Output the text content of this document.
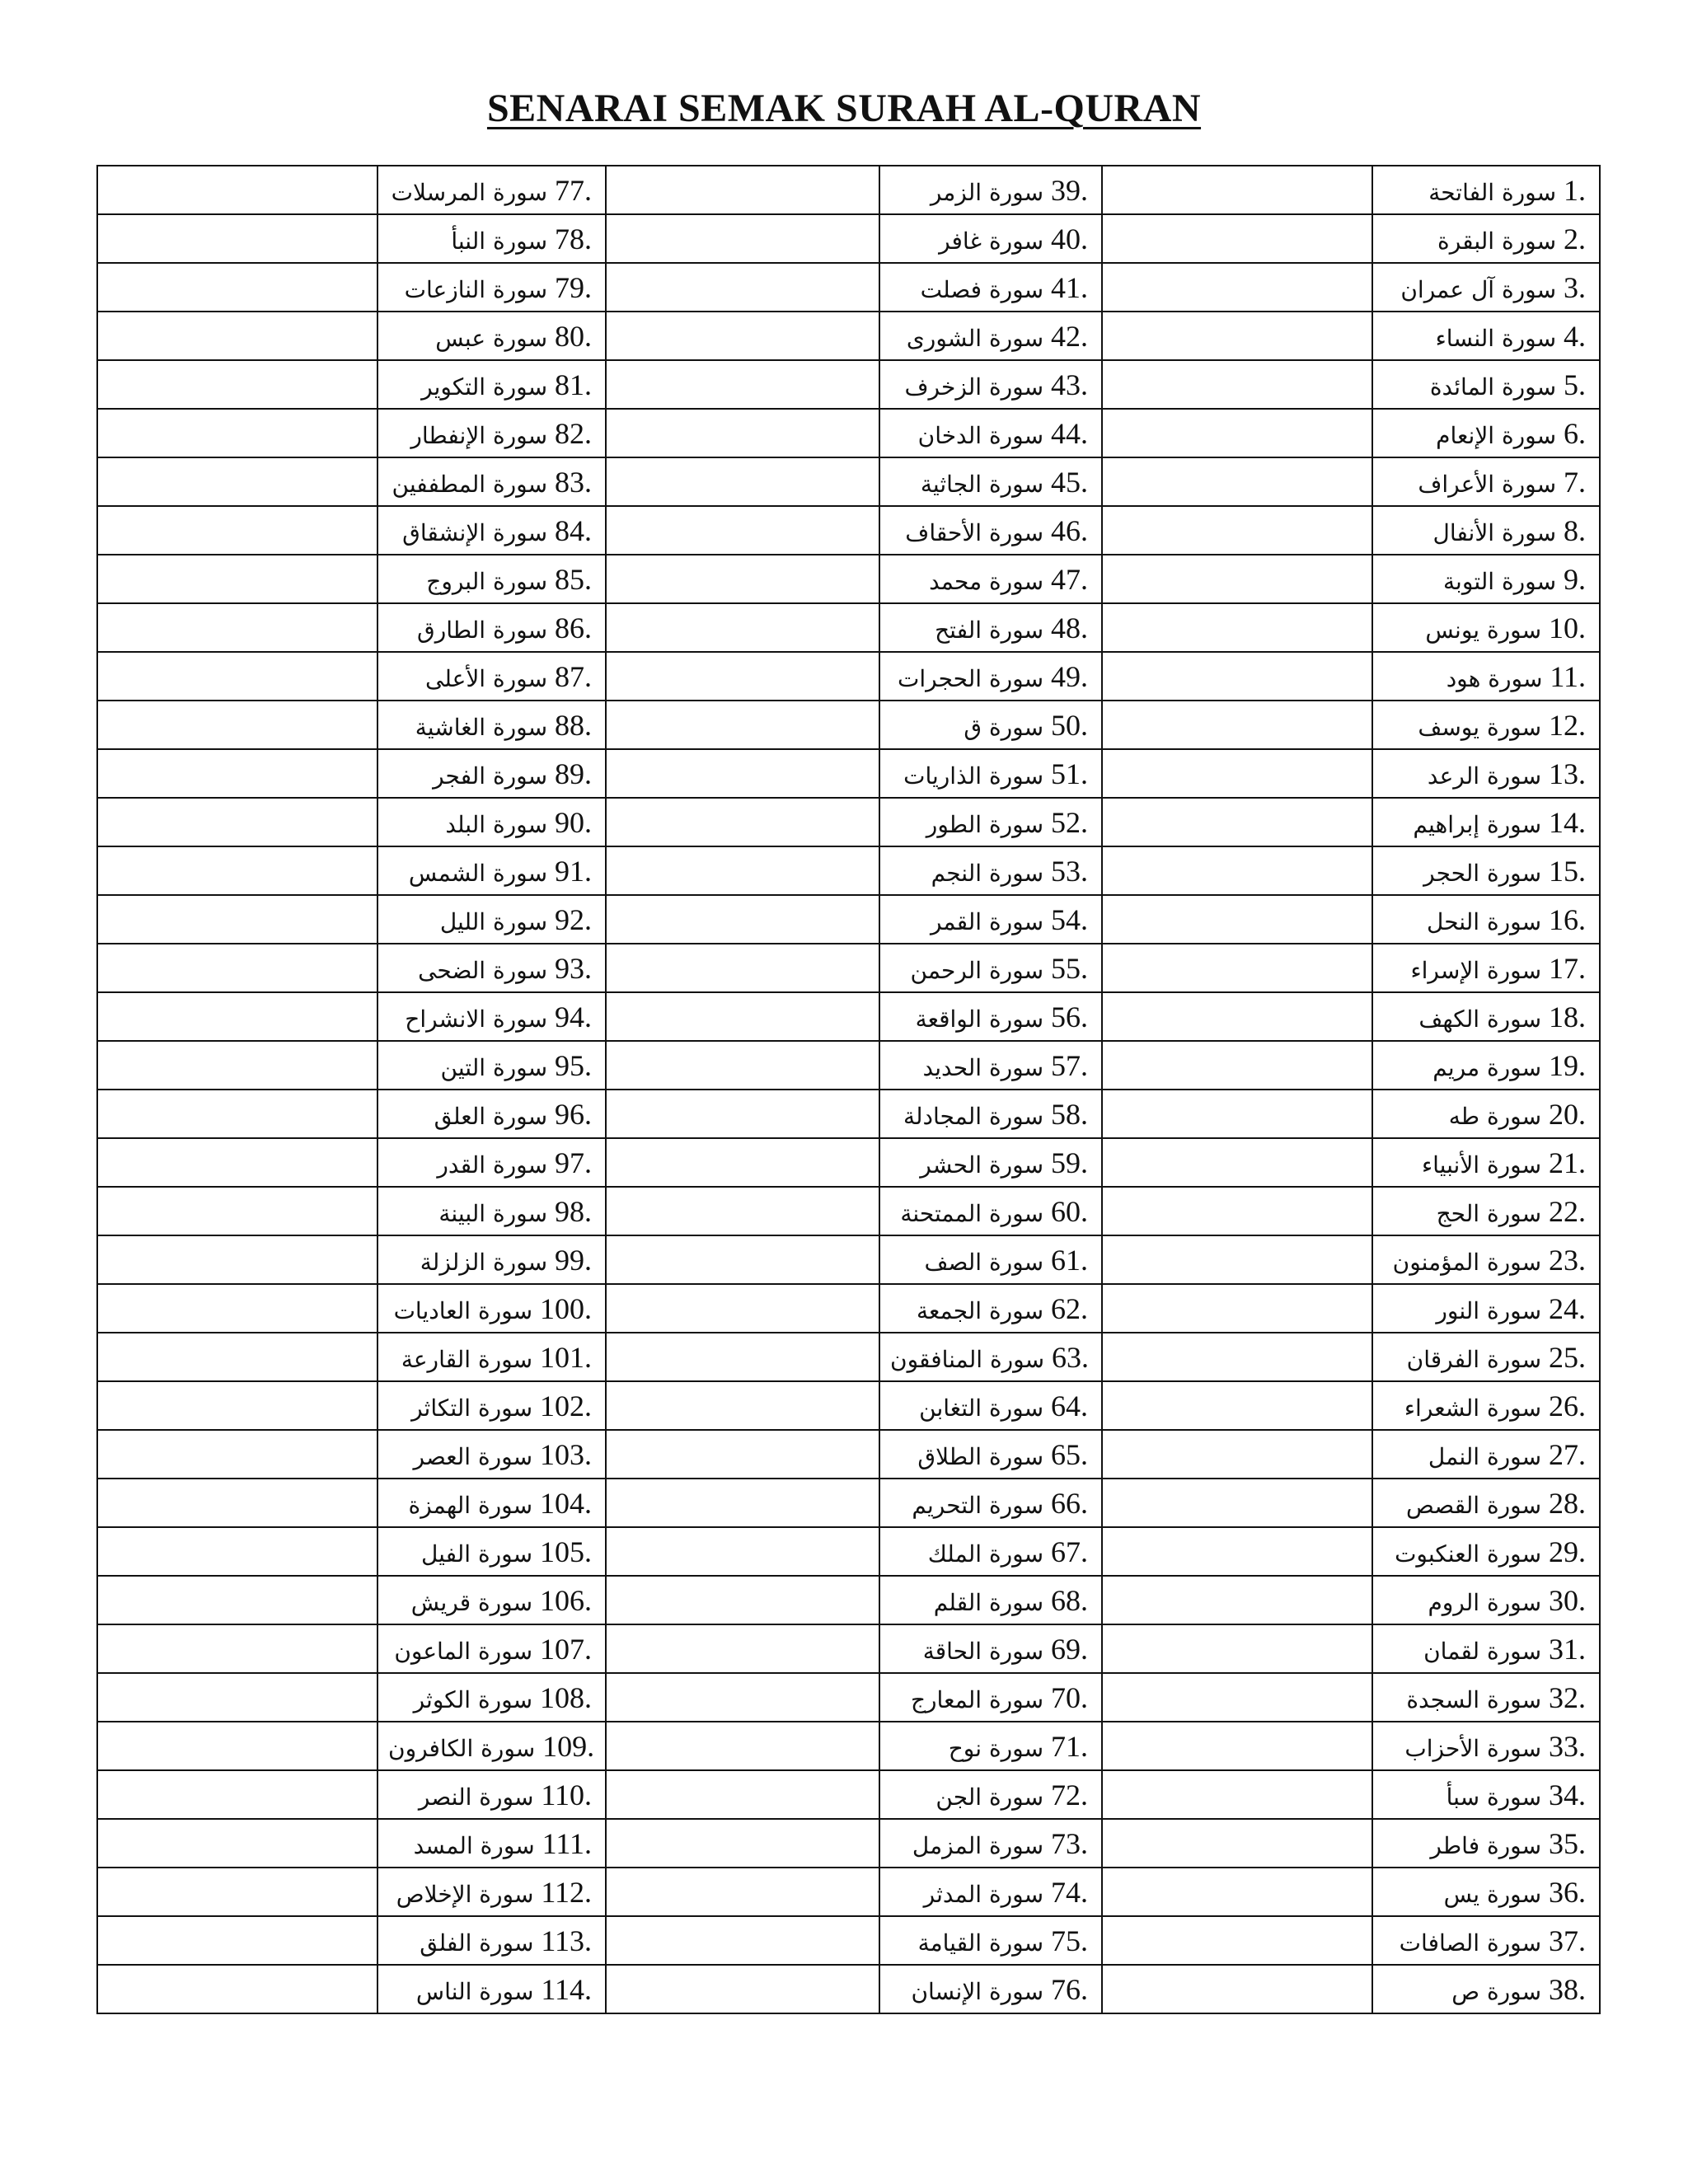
SENARAI SEMAK SURAH AL-QURAN
	سورة المرسلات 77.		سورة الزمر 39.		سورة الفاتحة 1.
	سورة النبأ 78.		سورة غافر 40.		سورة البقرة 2.
	سورة النازعات 79.		سورة فصلت 41.		سورة آل عمران 3.
	سورة عبس 80.		سورة الشورى 42.		سورة النساء 4.
	سورة التكوير 81.		سورة الزخرف 43.		سورة المائدة 5.
	سورة الإنفطار 82.		سورة الدخان 44.		سورة الإنعام 6.
	سورة المطففين 83.		سورة الجاثية 45.		سورة الأعراف 7.
	سورة الإنشقاق 84.		سورة الأحقاف 46.		سورة الأنفال 8.
	سورة البروج 85.		سورة محمد 47.		سورة التوبة 9.
	سورة الطارق 86.		سورة الفتح 48.		سورة يونس 10.
	سورة الأعلى 87.		سورة الحجرات 49.		سورة هود 11.
	سورة الغاشية 88.		سورة ق 50.		سورة يوسف 12.
	سورة الفجر 89.		سورة الذاريات 51.		سورة الرعد 13.
	سورة البلد 90.		سورة الطور 52.		سورة إبراهيم 14.
	سورة الشمس 91.		سورة النجم 53.		سورة الحجر 15.
	سورة الليل 92.		سورة القمر 54.		سورة النحل 16.
	سورة الضحى 93.		سورة الرحمن 55.		سورة الإسراء 17.
	سورة الانشراح 94.		سورة الواقعة 56.		سورة الكهف 18.
	سورة التين 95.		سورة الحديد 57.		سورة مريم 19.
	سورة العلق 96.		سورة المجادلة 58.		سورة طه 20.
	سورة القدر 97.		سورة الحشر 59.		سورة الأنبياء 21.
	سورة البينة 98.		سورة الممتحنة 60.		سورة الحج 22.
	سورة الزلزلة 99.		سورة الصف 61.		سورة المؤمنون 23.
	سورة العاديات 100.		سورة الجمعة 62.		سورة النور 24.
	سورة القارعة 101.		سورة المنافقون 63.		سورة الفرقان 25.
	سورة التكاثر 102.		سورة التغابن 64.		سورة الشعراء 26.
	سورة العصر 103.		سورة الطلاق 65.		سورة النمل 27.
	سورة الهمزة 104.		سورة التحريم 66.		سورة القصص 28.
	سورة الفيل 105.		سورة الملك 67.		سورة العنكبوت 29.
	سورة قريش 106.		سورة القلم 68.		سورة الروم 30.
	سورة الماعون 107.		سورة الحاقة 69.		سورة لقمان 31.
	سورة الكوثر 108.		سورة المعارج 70.		سورة السجدة 32.
	سورة الكافرون 109.		سورة نوح 71.		سورة الأحزاب 33.
	سورة النصر 110.		سورة الجن 72.		سورة سبأ 34.
	سورة المسد 111.		سورة المزمل 73.		سورة فاطر 35.
	سورة الإخلاص 112.		سورة المدثر 74.		سورة يس 36.
	سورة الفلق 113.		سورة القيامة 75.		سورة الصافات 37.
	سورة الناس 114.		سورة الإنسان 76.		سورة ص 38.
